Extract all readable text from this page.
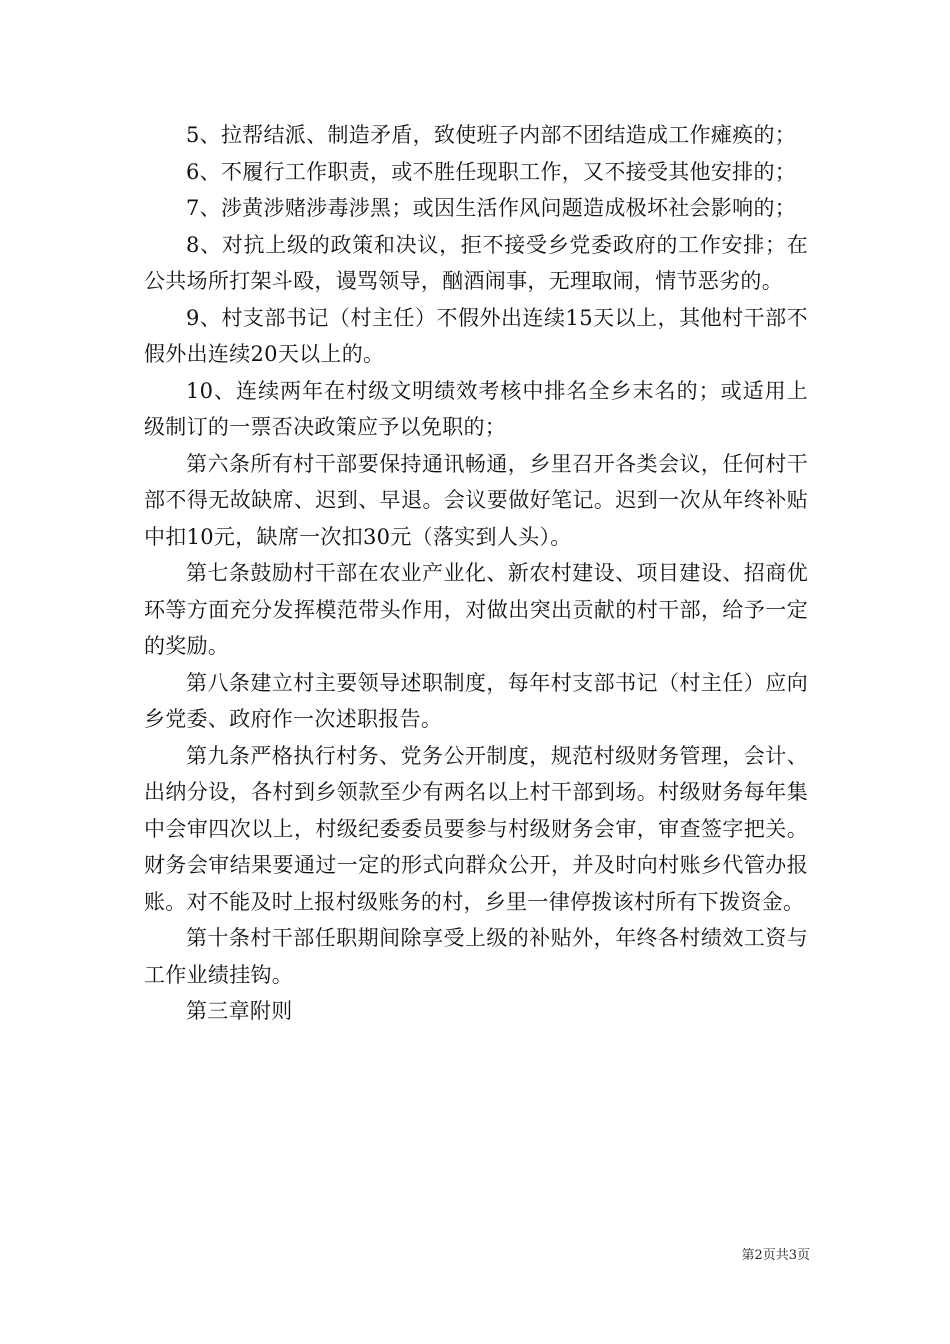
5、拉帮结派、制造矛盾，致使班子内部不团结造成工作瘫痪的；

6、不履行工作职责，或不胜任现职工作，又不接受其他安排的；

7、涉黄涉赌涉毒涉黑；或因生活作风问题造成极坏社会影响的；

8、对抗上级的政策和决议，拒不接受乡党委政府的工作安排；在公共场所打架斗殴，谩骂领导，酗酒闹事，无理取闹，情节恶劣的。

9、村支部书记（村主任）不假外出连续15天以上，其他村干部不假外出连续20天以上的。

10、连续两年在村级文明绩效考核中排名全乡末名的；或适用上级制订的一票否决政策应予以免职的；

第六条所有村干部要保持通讯畅通，乡里召开各类会议，任何村干部不得无故缺席、迟到、早退。会议要做好笔记。迟到一次从年终补贴中扣10元，缺席一次扣30元（落实到人头）。

第七条鼓励村干部在农业产业化、新农村建设、项目建设、招商优环等方面充分发挥模范带头作用，对做出突出贡献的村干部，给予一定的奖励。

第八条建立村主要领导述职制度，每年村支部书记（村主任）应向乡党委、政府作一次述职报告。

第九条严格执行村务、党务公开制度，规范村级财务管理，会计、出纳分设，各村到乡领款至少有两名以上村干部到场。村级财务每年集中会审四次以上，村级纪委委员要参与村级财务会审，审查签字把关。财务会审结果要通过一定的形式向群众公开，并及时向村账乡代管办报账。对不能及时上报村级账务的村，乡里一律停拨该村所有下拨资金。

第十条村干部任职期间除享受上级的补贴外，年终各村绩效工资与工作业绩挂钩。

第三章附则

第2页共3页
